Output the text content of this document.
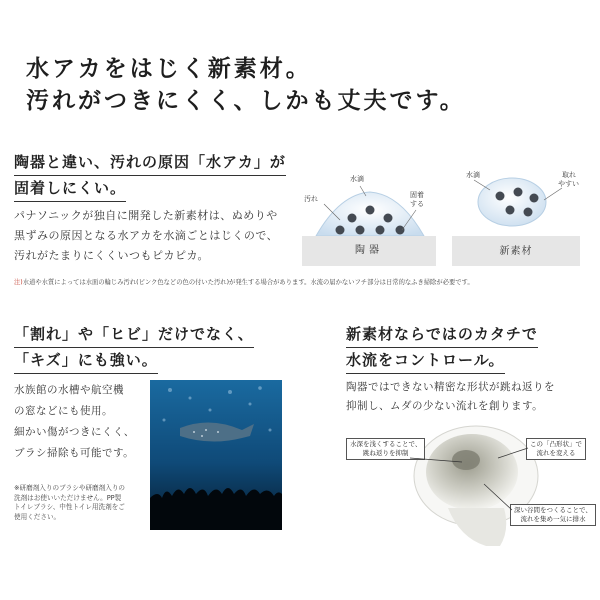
水アカをはじく新素材。
汚れがつきにくく、しかも丈夫です。
陶器と違い、汚れの原因「水アカ」が
固着しにくい。
パナソニックが独自に開発した新素材は、ぬめりや
黒ずみの原因となる水アカを水滴ごとはじくので、
汚れがたまりにくくいつもピカピカ。
汚れ
水滴
固着
する
陶器
水滴	取れ
やすい
新素材
注)水道や水質によっては水面の輪じみ汚れ(ピンク色などの色の付いた汚れ)が発生する場合があります。水流の届かないフチ部分は日常的なふき掃除が必要です。
「割れ」や「ヒビ」だけでなく、
「キズ」にも強い。
水族館の水槽や航空機
の窓などにも使用。
細かい傷がつきにくく、
ブラシ掃除も可能です。
※研磨剤入りのブラシや研磨剤入りの
洗剤はお使いいただけません。PP製
トイレブラシ、中性トイレ用洗剤をご
使用ください。
新素材ならではのカタチで
水流をコントロール。
陶器ではできない精密な形状が跳ね返りを
抑制し、ムダの少ない流れを創ります。
水深を浅くすることで、
跳ね返りを抑制
この「凸形状」で
流れを変える
深い谷間をつくることで、
流れを集め一気に排水
